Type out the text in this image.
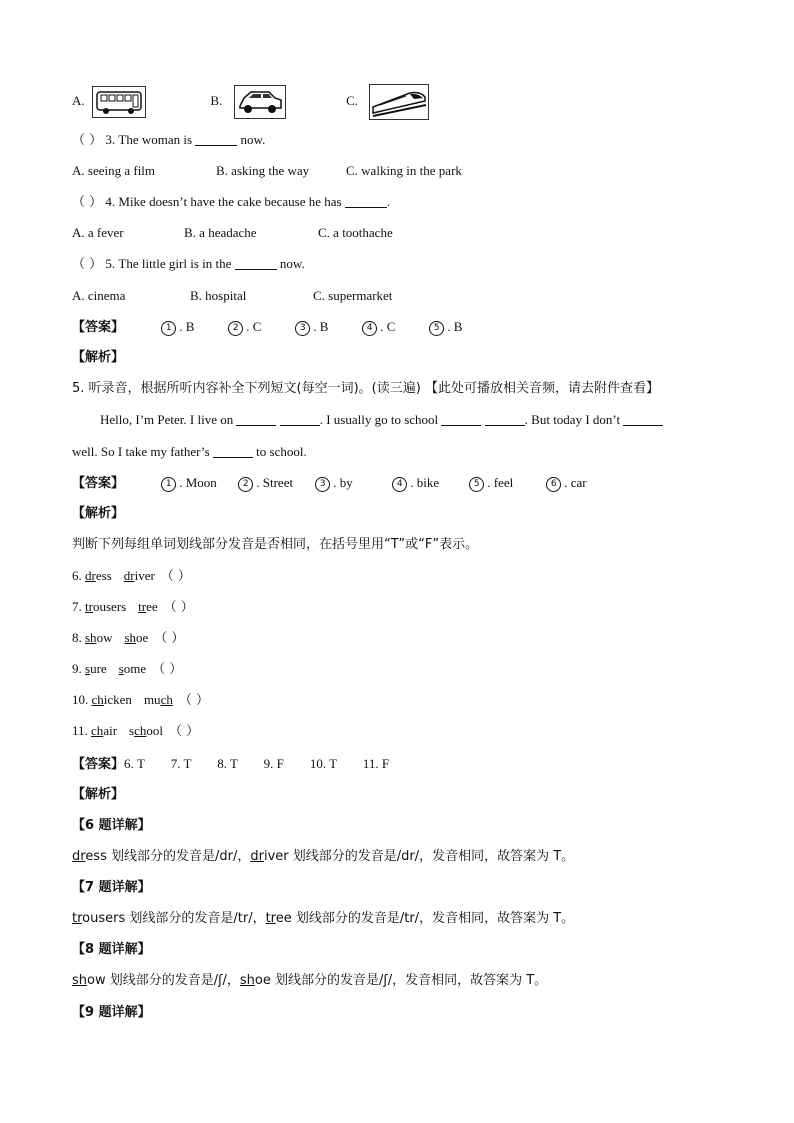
A.	B.	C.
（ ） 3. The woman is	now.
A. seeing a film	B. asking the way	C. walking in the park
（ ） 4. Mike doesn’t have the cake because he has	.
A. a fever	B. a headache	C. a toothache
（ ） 5. The little girl is in the	now.
A. cinema	B. hospital	C. supermarket
【答案】	1 . B	2 . C	3 . B	4 . C	5 . B
【解析】
5. 听录音，根据所听内容补全下列短文(每空一词)。(读三遍) 【此处可播放相关音频，请去附件查看】
Hello, I’m Peter. I live on	. I usually go to school	. But today I don’t
well. So I take my father’s	to school.
【答案】	1 . Moon	2 . Street	3 . by	4 . bike	5 . feel	6 . car
【解析】
判断下列每组单词划线部分发音是否相同，在括号里用“T”或“F”表示。
6. dress driver （ ）
7. trousers tree （ ）
8. show shoe （ ）
9. sure some （ ）
10. chicken much （ ）
11. chair school （ ）
【答案】6. T        7. T        8. T        9. F        10. T        11. F
【解析】
【6 题详解】
dress 划线部分的发音是/dr/，driver 划线部分的发音是/dr/，发音相同，故答案为 T。
【7 题详解】
trousers 划线部分的发音是/tr/，tree 划线部分的发音是/tr/，发音相同，故答案为 T。
【8 题详解】
show 划线部分的发音是/ʃ/，shoe 划线部分的发音是/ʃ/，发音相同，故答案为 T。
【9 题详解】
